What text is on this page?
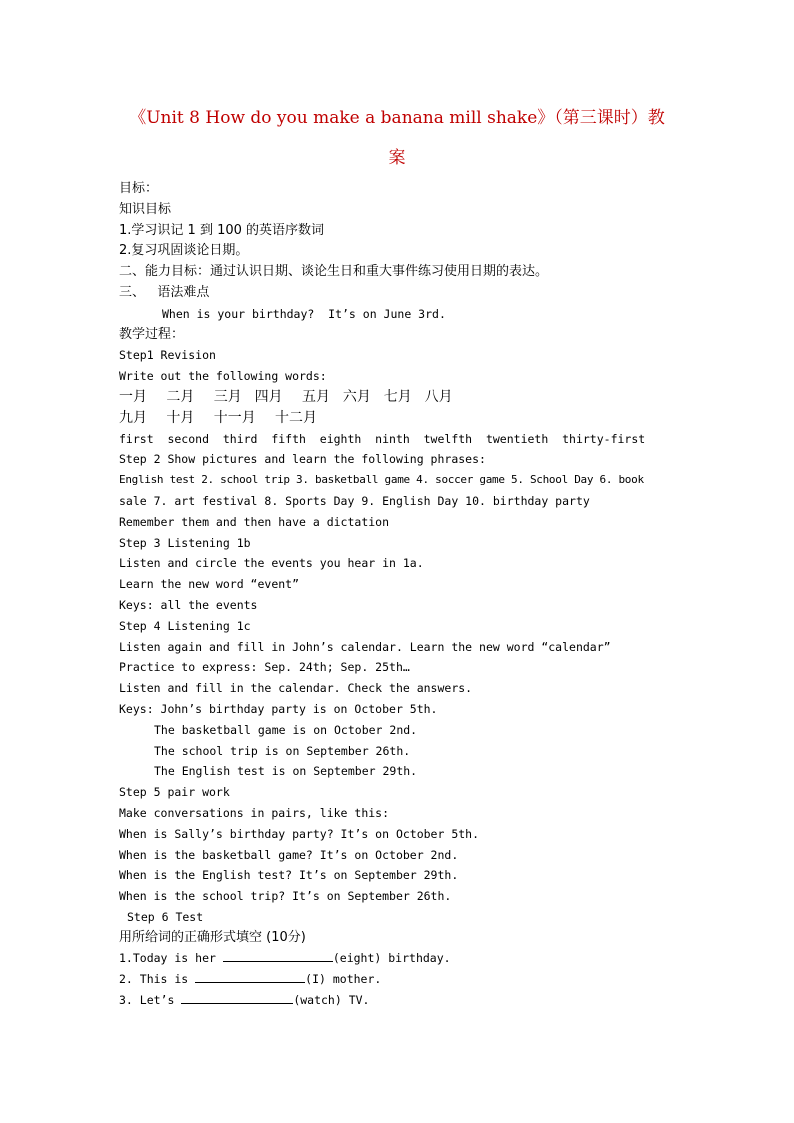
《Unit 8 How do you make a banana mill shake》（第三课时）教
案
目标：
知识目标
1.学习识记 1 到 100 的英语序数词
2.复习巩固谈论日期。
二、能力目标：通过认识日期、谈论生日和重大事件练习使用日期的表达。
三、   语法难点
When is your birthday?  It’s on June 3rd.
教学过程：
Step1 Revision
Write out the following words:
一月   二月   三月  四月   五月  六月  七月  八月
九月   十月   十一月   十二月
first  second  third  fifth  eighth  ninth  twelfth  twentieth  thirty-first
Step 2 Show pictures and learn the following phrases:
English test 2. school trip 3. basketball game 4. soccer game 5. School Day 6. book
sale 7. art festival 8. Sports Day 9. English Day 10. birthday party
Remember them and then have a dictation
Step 3 Listening 1b
Listen and circle the events you hear in 1a.
Learn the new word “event”
Keys: all the events
Step 4 Listening 1c
Listen again and fill in John’s calendar. Learn the new word “calendar”
Practice to express: Sep. 24th; Sep. 25th…
Listen and fill in the calendar. Check the answers.
Keys: John’s birthday party is on October 5th.
The basketball game is on October 2nd.
The school trip is on September 26th.
The English test is on September 29th.
Step 5 pair work
Make conversations in pairs, like this:
When is Sally’s birthday party? It’s on October 5th.
When is the basketball game? It’s on October 2nd.
When is the English test? It’s on September 29th.
When is the school trip? It’s on September 26th.
Step 6 Test
用所给词的正确形式填空 (10分)
1.Today is her	(eight) birthday.
2. This is	(I) mother.
3. Let’s	(watch) TV.
